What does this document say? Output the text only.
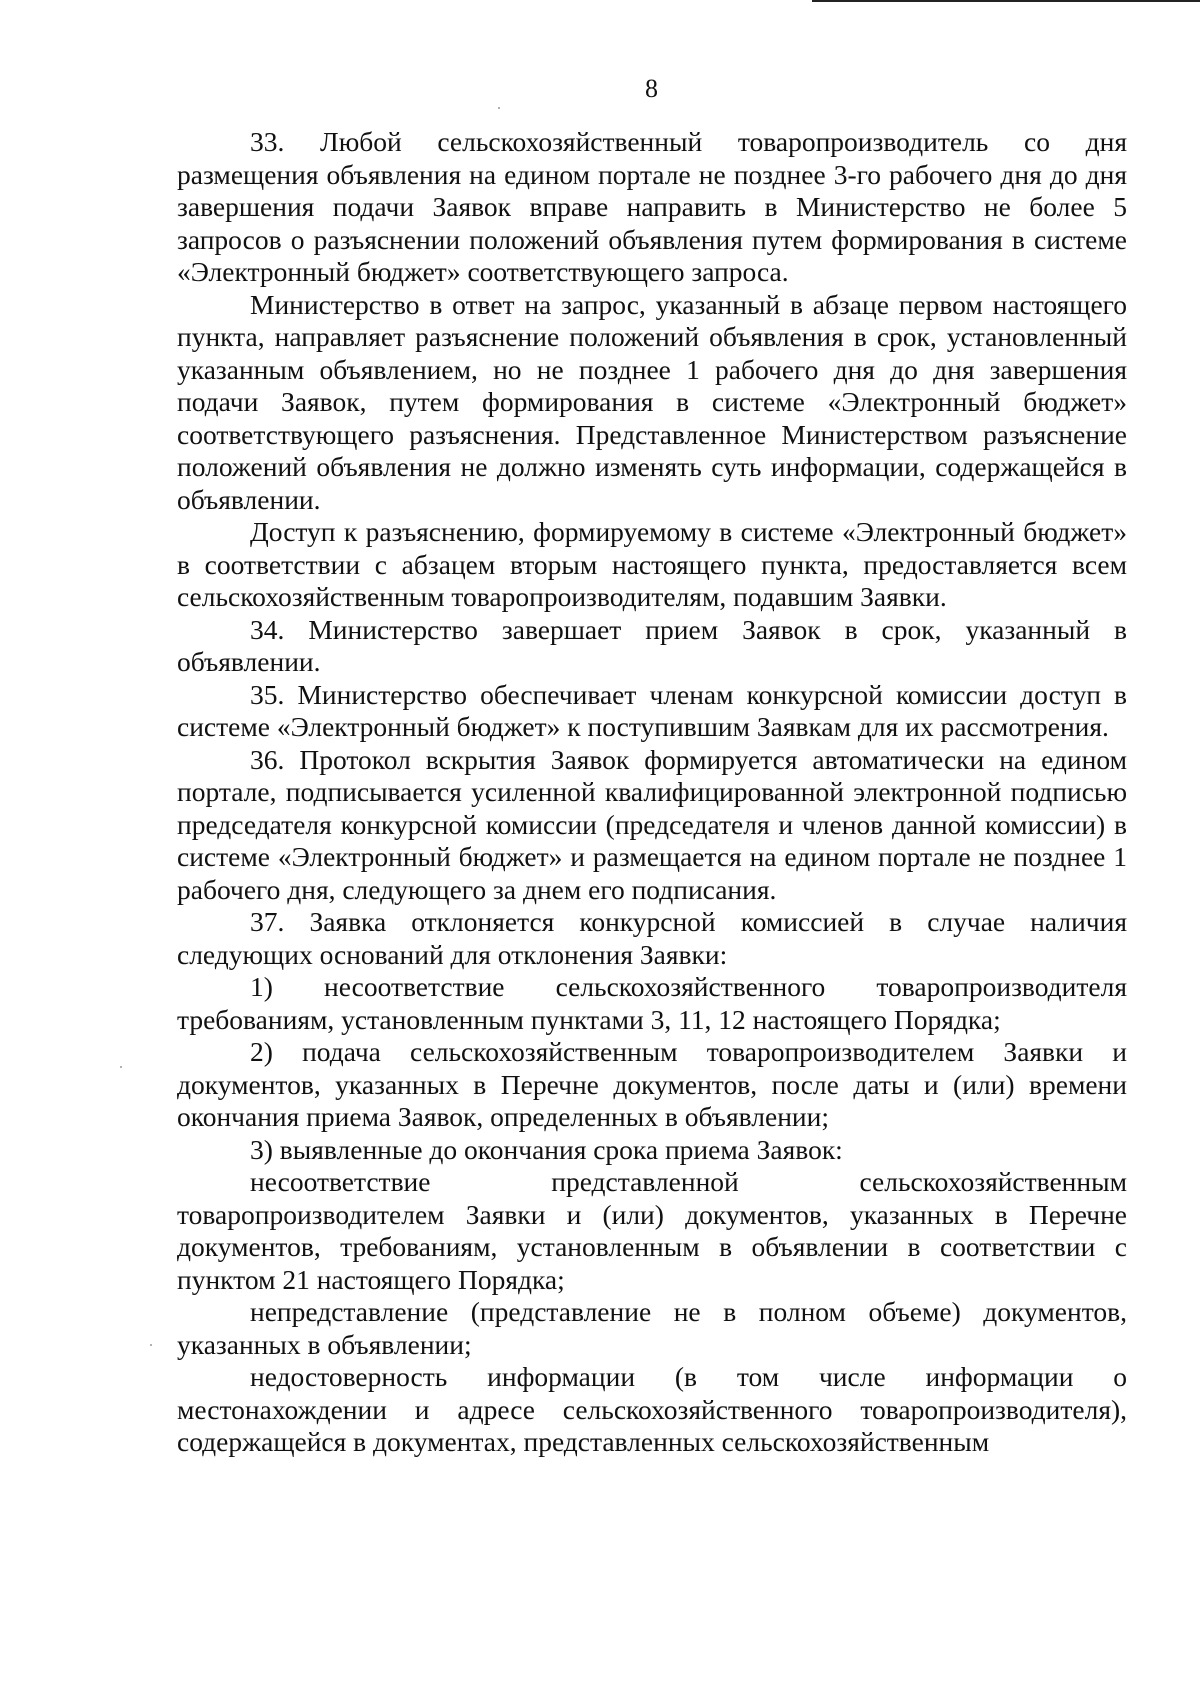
8

33. Любой сельскохозяйственный товаропроизводитель со дня размещения объявления на едином портале не позднее 3-го рабочего дня до дня завершения подачи Заявок вправе направить в Министерство не более 5 запросов о разъяснении положений объявления путем формирования в системе «Электронный бюджет» соответствующего запроса.

Министерство в ответ на запрос, указанный в абзаце первом настоящего пункта, направляет разъяснение положений объявления в срок, установленный указанным объявлением, но не позднее 1 рабочего дня до дня завершения подачи Заявок, путем формирования в системе «Электронный бюджет» соответствующего разъяснения. Представленное Министерством разъяснение положений объявления не должно изменять суть информации, содержащейся в объявлении.

Доступ к разъяснению, формируемому в системе «Электронный бюджет» в соответствии с абзацем вторым настоящего пункта, предоставляется всем сельскохозяйственным товаропроизводителям, подавшим Заявки.

34. Министерство завершает прием Заявок в срок, указанный в объявлении.

35. Министерство обеспечивает членам конкурсной комиссии доступ в системе «Электронный бюджет» к поступившим Заявкам для их рассмотрения.

36. Протокол вскрытия Заявок формируется автоматически на едином портале, подписывается усиленной квалифицированной электронной подписью председателя конкурсной комиссии (председателя и членов данной комиссии) в системе «Электронный бюджет» и размещается на едином портале не позднее 1 рабочего дня, следующего за днем его подписания.

37. Заявка отклоняется конкурсной комиссией в случае наличия следующих оснований для отклонения Заявки:

1) несоответствие сельскохозяйственного товаропроизводителя требованиям, установленным пунктами 3, 11, 12 настоящего Порядка;

2) подача сельскохозяйственным товаропроизводителем Заявки и документов, указанных в Перечне документов, после даты и (или) времени окончания приема Заявок, определенных в объявлении;

3) выявленные до окончания срока приема Заявок:

несоответствие представленной сельскохозяйственным товаропроизводителем Заявки и (или) документов, указанных в Перечне документов, требованиям, установленным в объявлении в соответствии с пунктом 21 настоящего Порядка;

непредставление (представление не в полном объеме) документов, указанных в объявлении;

недостоверность информации (в том числе информации о местонахождении и адресе сельскохозяйственного товаропроизводителя), содержащейся в документах, представленных сельскохозяйственным
